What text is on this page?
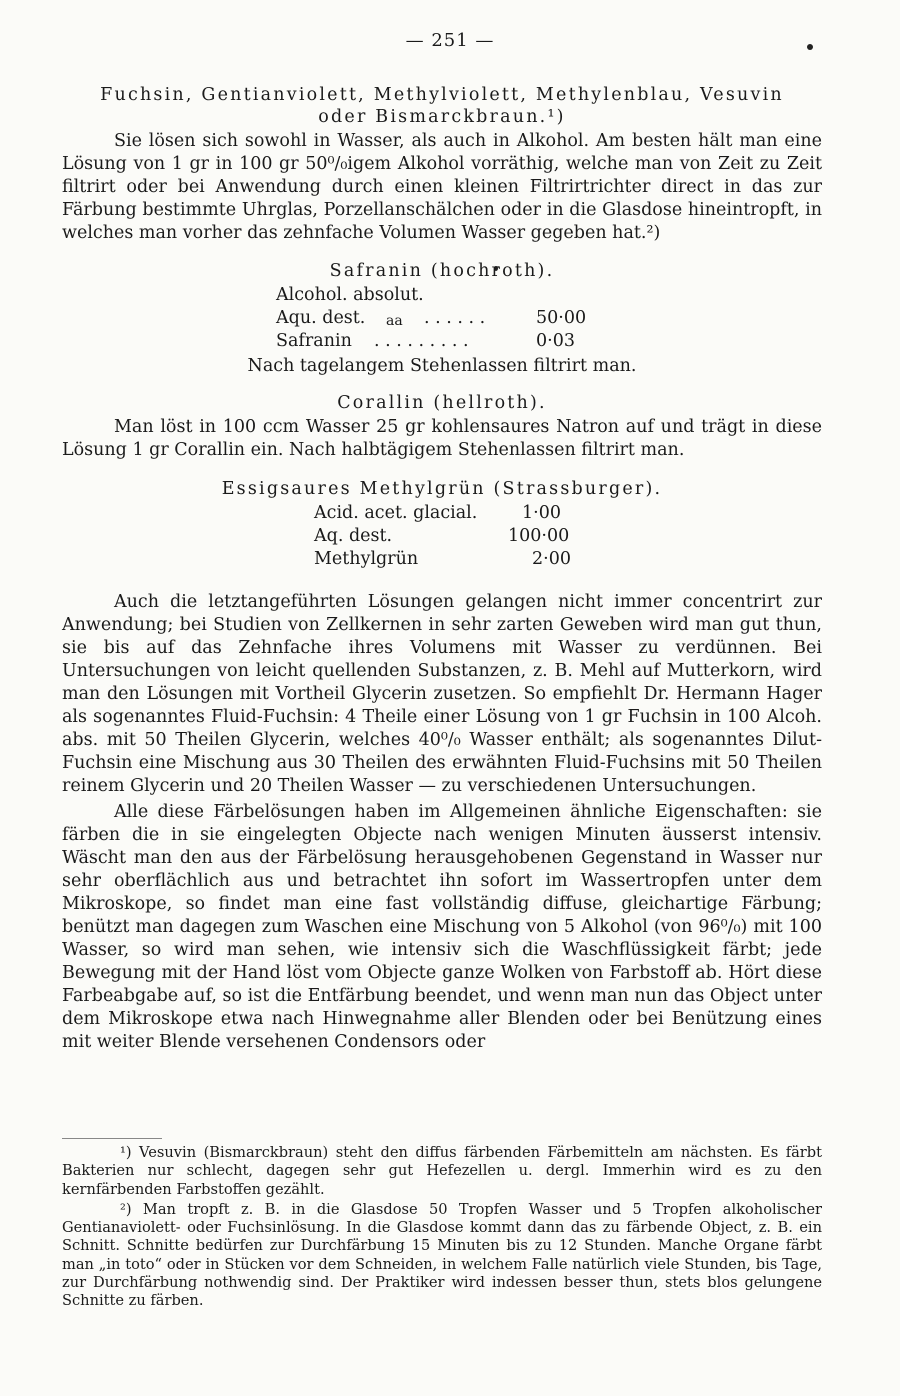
— 251 —
Fuchsin, Gentianviolett, Methylviolett, Methylenblau, Vesuvin
oder Bismarckbraun.¹)

Sie lösen sich sowohl in Wasser, als auch in Alkohol. Am besten hält man eine Lösung von 1 gr in 100 gr 50⁰/₀igem Alkohol vorräthig, welche man von Zeit zu Zeit filtrirt oder bei Anwendung durch einen kleinen Filtrirtrichter direct in das zur Färbung bestimmte Uhrglas, Porzellanschälchen oder in die Glasdose hineintropft, in welches man vorher das zehnfache Volumen Wasser gegeben hat.²)

Safranin (hochroth).
Alcohol. absolut.
Aqu. dest. aa . . . . . .	50·00
Safranin . . . . . . . . .	0·03
Nach tagelangem Stehenlassen filtrirt man.
Corallin (hellroth).

Man löst in 100 ccm Wasser 25 gr kohlensaures Natron auf und trägt in diese Lösung 1 gr Corallin ein. Nach halbtägigem Stehenlassen filtrirt man.

Essigsaures Methylgrün (Strassburger).
Acid. acet. glacial.	1·00
Aq. dest.	100·00
Methylgrün	2·00

Auch die letztangeführten Lösungen gelangen nicht immer concentrirt zur Anwendung; bei Studien von Zellkernen in sehr zarten Geweben wird man gut thun, sie bis auf das Zehnfache ihres Volumens mit Wasser zu verdünnen. Bei Untersuchungen von leicht quellenden Substanzen, z. B. Mehl auf Mutterkorn, wird man den Lösungen mit Vortheil Glycerin zusetzen. So empfiehlt Dr. Hermann Hager als sogenanntes Fluid-Fuchsin: 4 Theile einer Lösung von 1 gr Fuchsin in 100 Alcoh. abs. mit 50 Theilen Glycerin, welches 40⁰/₀ Wasser enthält; als sogenanntes Dilut-Fuchsin eine Mischung aus 30 Theilen des erwähnten Fluid-Fuchsins mit 50 Theilen reinem Glycerin und 20 Theilen Wasser — zu verschiedenen Untersuchungen.

Alle diese Färbelösungen haben im Allgemeinen ähnliche Eigenschaften: sie färben die in sie eingelegten Objecte nach wenigen Minuten äusserst intensiv. Wäscht man den aus der Färbelösung herausgehobenen Gegenstand in Wasser nur sehr oberflächlich aus und betrachtet ihn sofort im Wassertropfen unter dem Mikroskope, so findet man eine fast vollständig diffuse, gleichartige Färbung; benützt man dagegen zum Waschen eine Mischung von 5 Alkohol (von 96⁰/₀) mit 100 Wasser, so wird man sehen, wie intensiv sich die Waschflüssigkeit färbt; jede Bewegung mit der Hand löst vom Objecte ganze Wolken von Farbstoff ab. Hört diese Farbeabgabe auf, so ist die Entfärbung beendet, und wenn man nun das Object unter dem Mikroskope etwa nach Hinwegnahme aller Blenden oder bei Benützung eines mit weiter Blende versehenen Condensors oder

¹) Vesuvin (Bismarckbraun) steht den diffus färbenden Färbemitteln am nächsten. Es färbt Bakterien nur schlecht, dagegen sehr gut Hefezellen u. dergl. Immerhin wird es zu den kernfärbenden Farbstoffen gezählt.

²) Man tropft z. B. in die Glasdose 50 Tropfen Wasser und 5 Tropfen alkoholischer Gentianaviolett- oder Fuchsinlösung. In die Glasdose kommt dann das zu färbende Object, z. B. ein Schnitt. Schnitte bedürfen zur Durchfärbung 15 Minuten bis zu 12 Stunden. Manche Organe färbt man „in toto“ oder in Stücken vor dem Schneiden, in welchem Falle natürlich viele Stunden, bis Tage, zur Durchfärbung nothwendig sind. Der Praktiker wird indessen besser thun, stets blos gelungene Schnitte zu färben.
